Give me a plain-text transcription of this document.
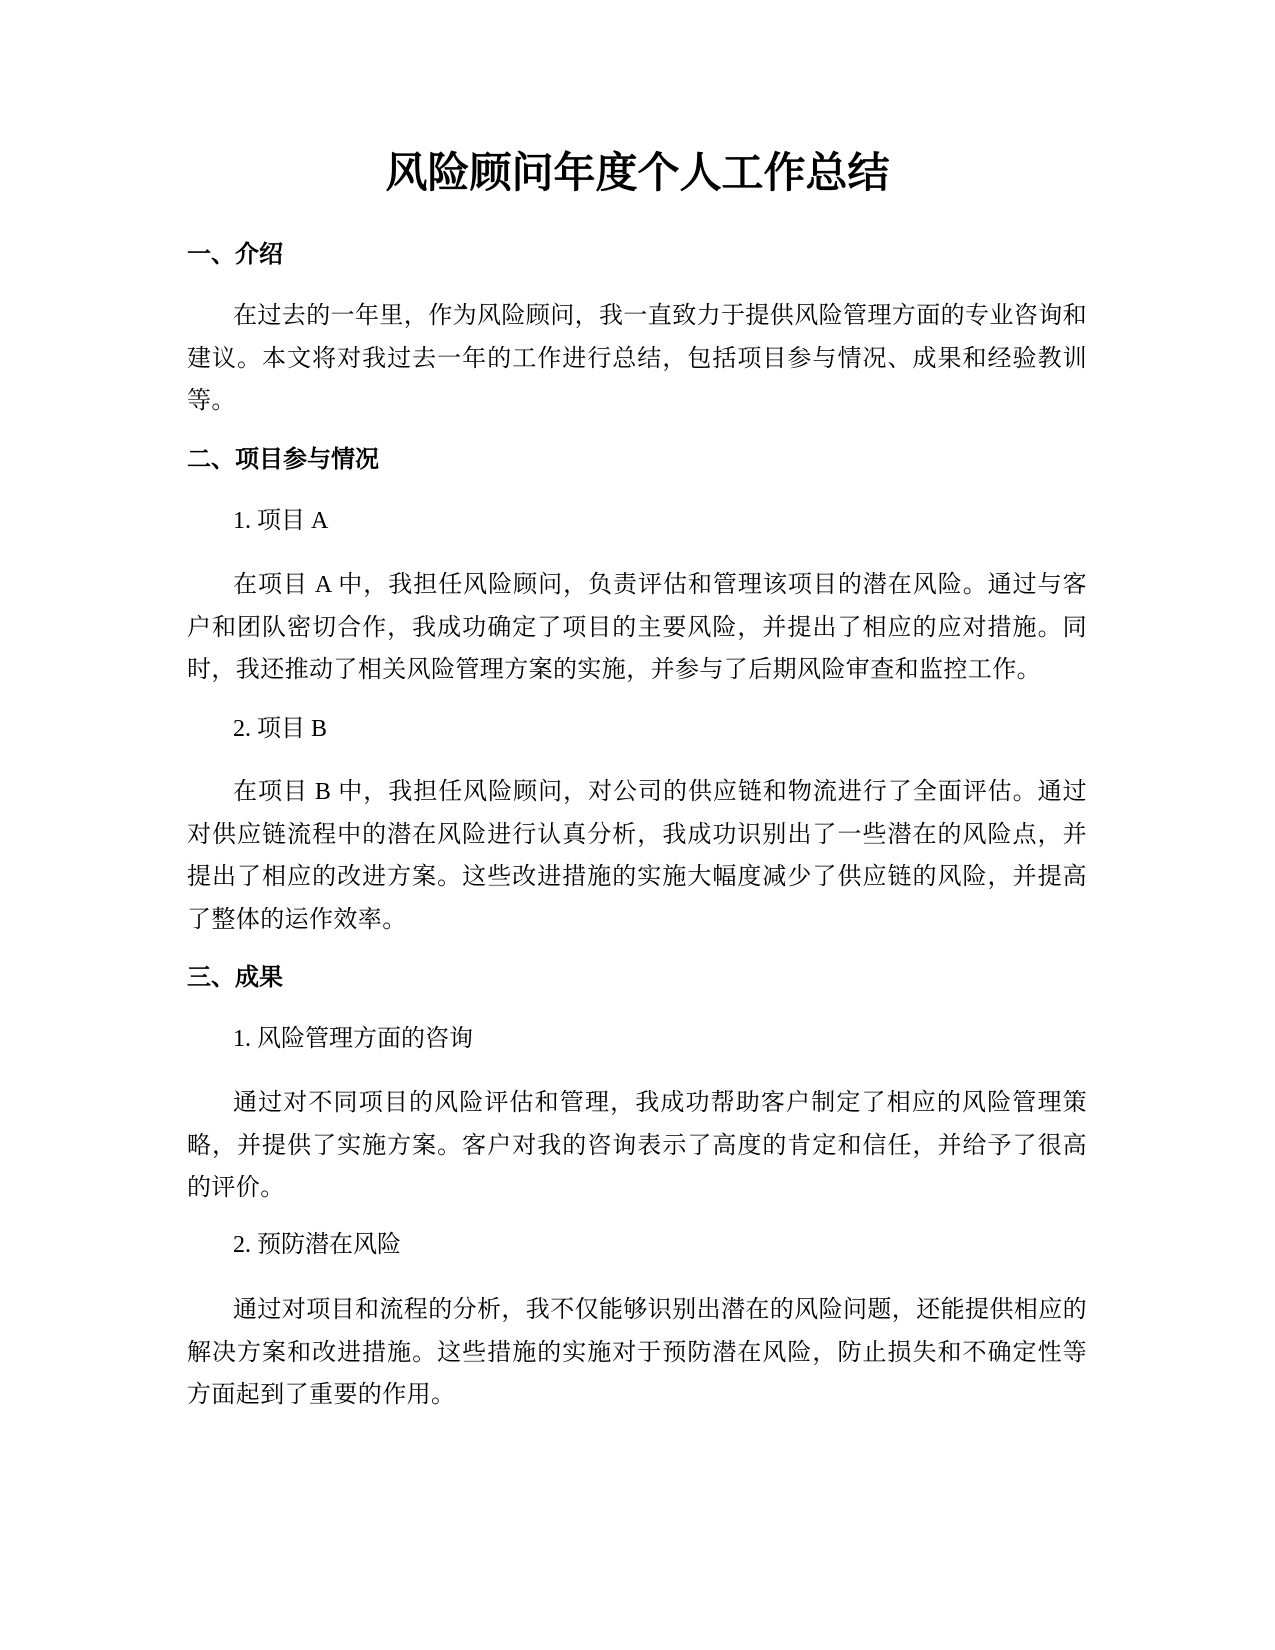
风险顾问年度个人工作总结
一、介绍

在过去的一年里，作为风险顾问，我一直致力于提供风险管理方面的专业咨询和建议。本文将对我过去一年的工作进行总结，包括项目参与情况、成果和经验教训等。

二、项目参与情况

1. 项目 A

在项目 A 中，我担任风险顾问，负责评估和管理该项目的潜在风险。通过与客户和团队密切合作，我成功确定了项目的主要风险，并提出了相应的应对措施。同时，我还推动了相关风险管理方案的实施，并参与了后期风险审查和监控工作。

2. 项目 B

在项目 B 中，我担任风险顾问，对公司的供应链和物流进行了全面评估。通过对供应链流程中的潜在风险进行认真分析，我成功识别出了一些潜在的风险点，并提出了相应的改进方案。这些改进措施的实施大幅度减少了供应链的风险，并提高了整体的运作效率。

三、成果

1. 风险管理方面的咨询

通过对不同项目的风险评估和管理，我成功帮助客户制定了相应的风险管理策略，并提供了实施方案。客户对我的咨询表示了高度的肯定和信任，并给予了很高的评价。

2. 预防潜在风险

通过对项目和流程的分析，我不仅能够识别出潜在的风险问题，还能提供相应的解决方案和改进措施。这些措施的实施对于预防潜在风险，防止损失和不确定性等方面起到了重要的作用。
